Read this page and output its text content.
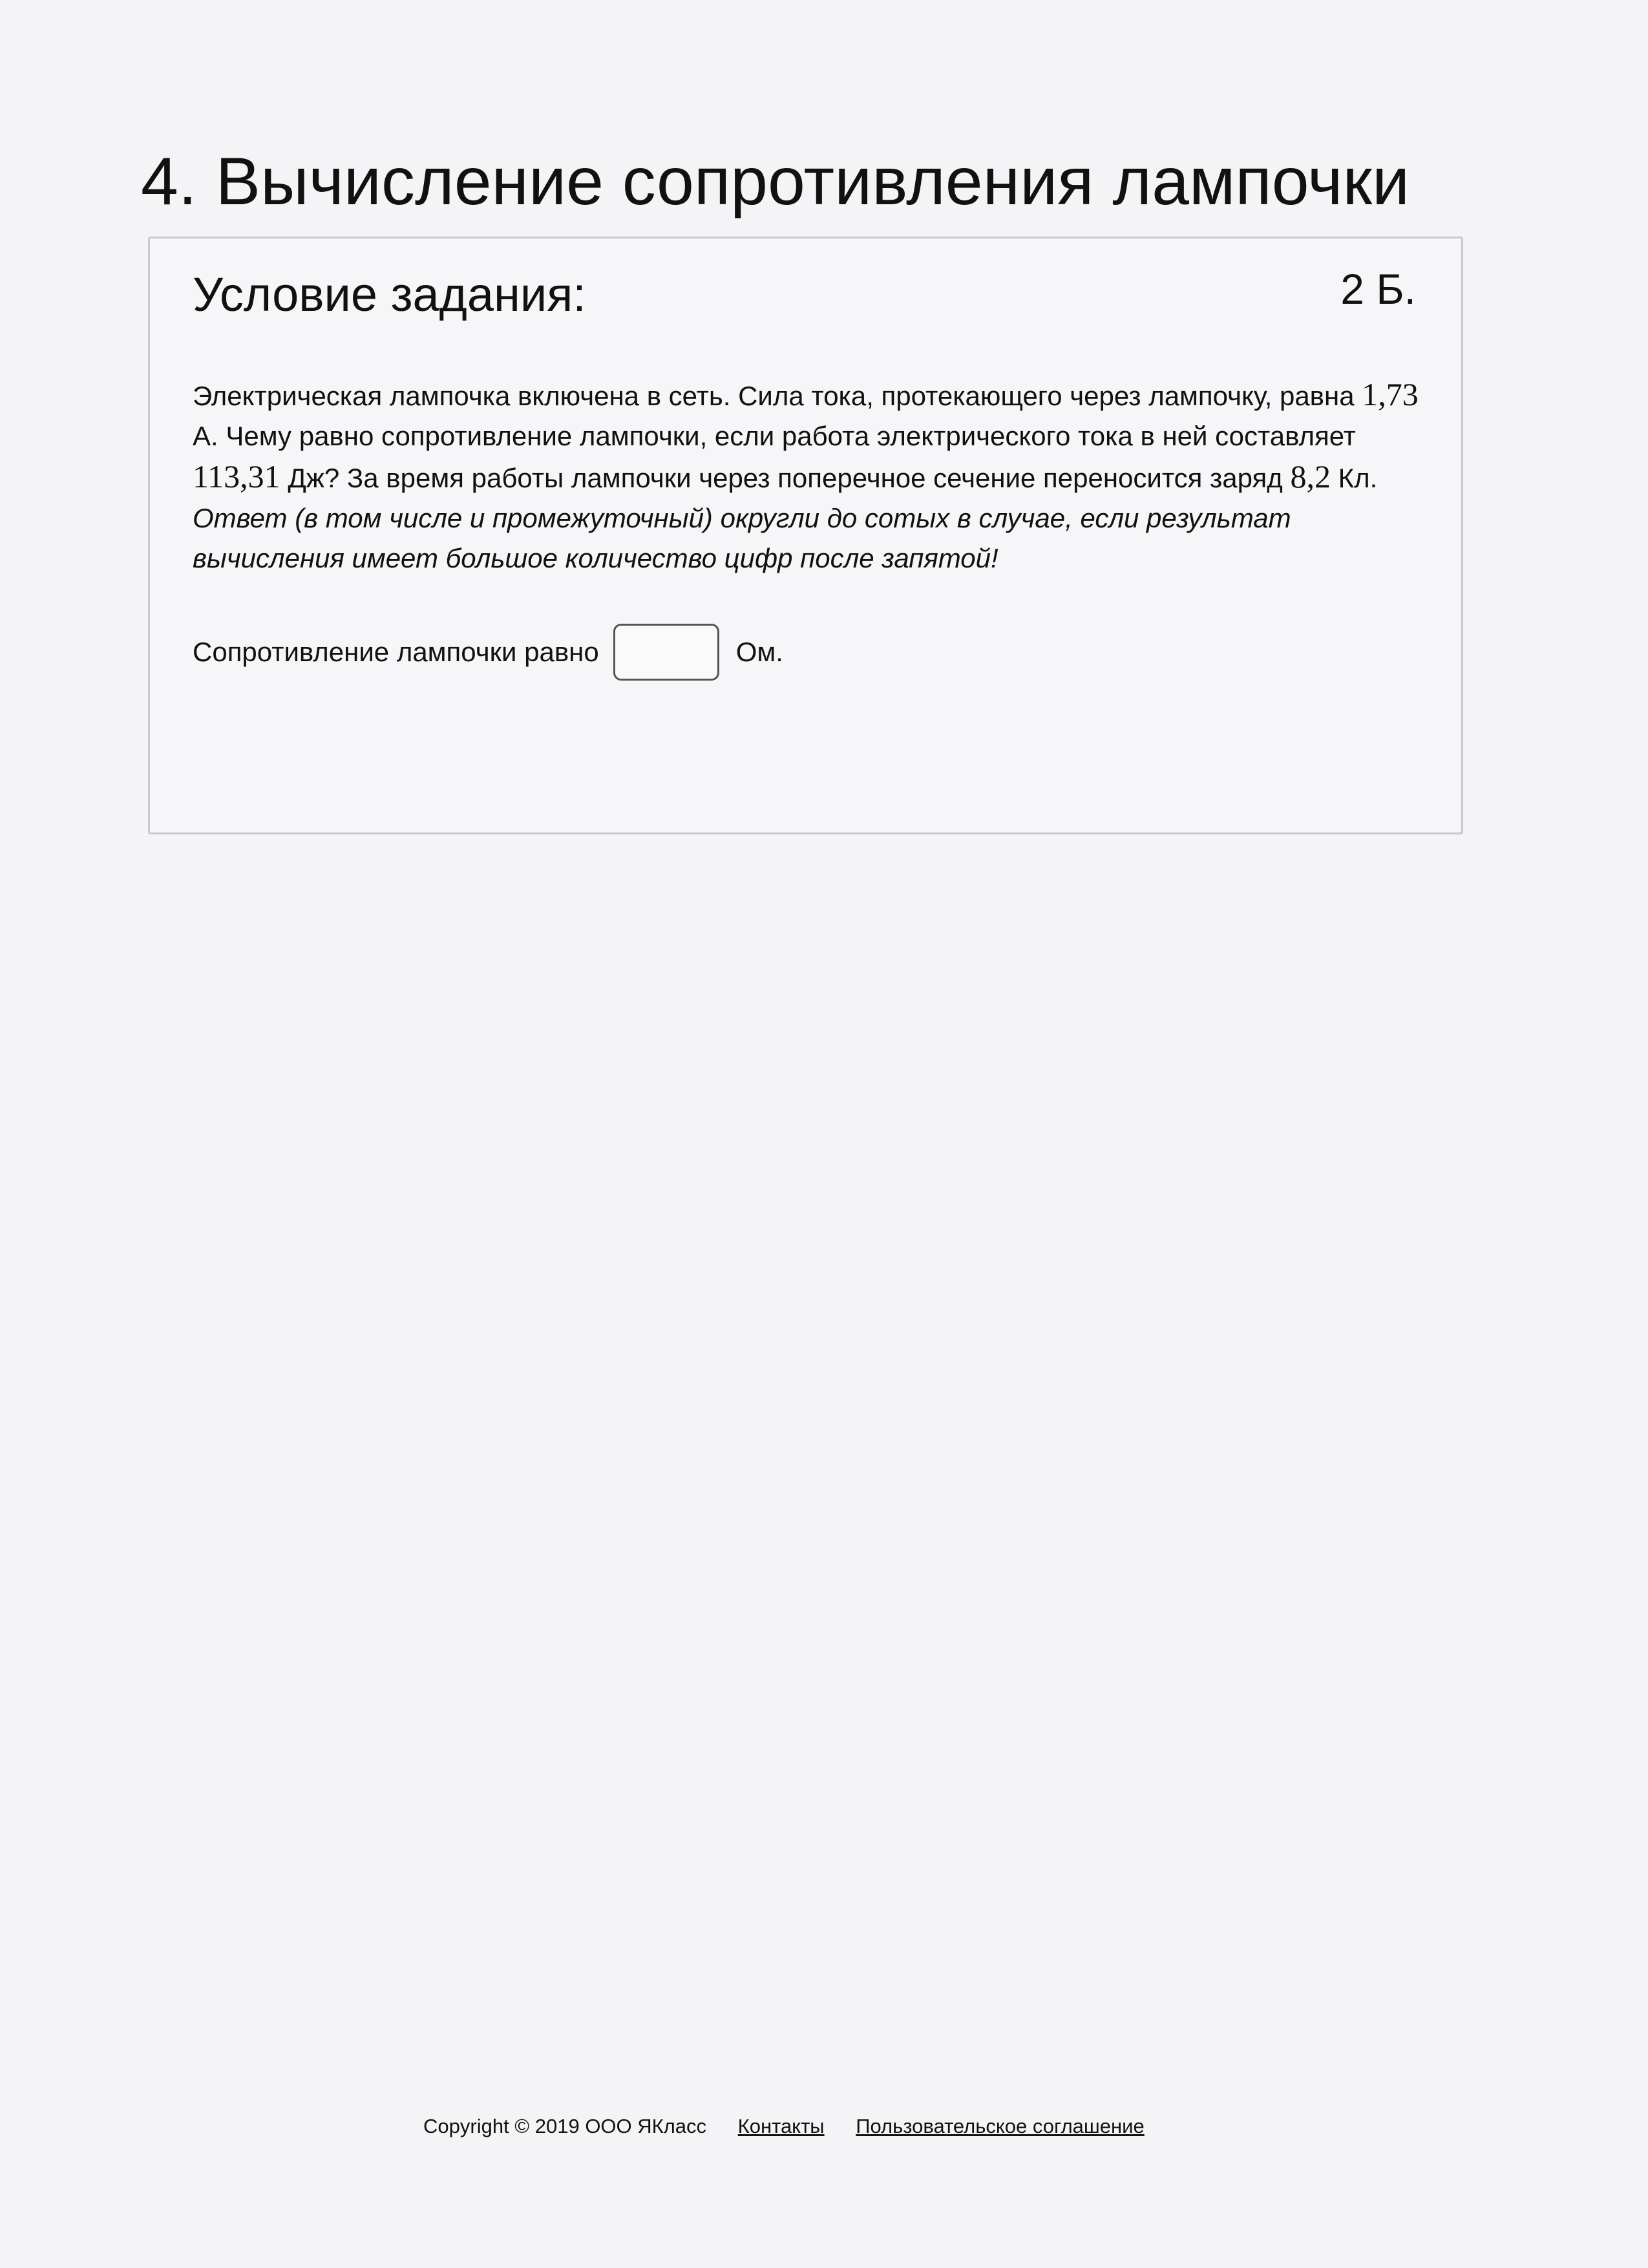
4. Вычисление сопротивления лампочки
Условие задания:	2 Б.

Электрическая лампочка включена в сеть. Сила тока, протекающего через лампочку, равна 1,73 А. Чему равно сопротивление лампочки, если работа электрического тока в ней составляет 113,31 Дж? За время работы лампочки через поперечное сечение переносится заряд 8,2 Кл.

Ответ (в том числе и промежуточный) округли до сотых в случае, если результат вычисления имеет большое количество цифр после запятой!

Сопротивление лампочки равно	Ом.
Copyright © 2019 ООО ЯКласс Контакты Пользовательское соглашение
